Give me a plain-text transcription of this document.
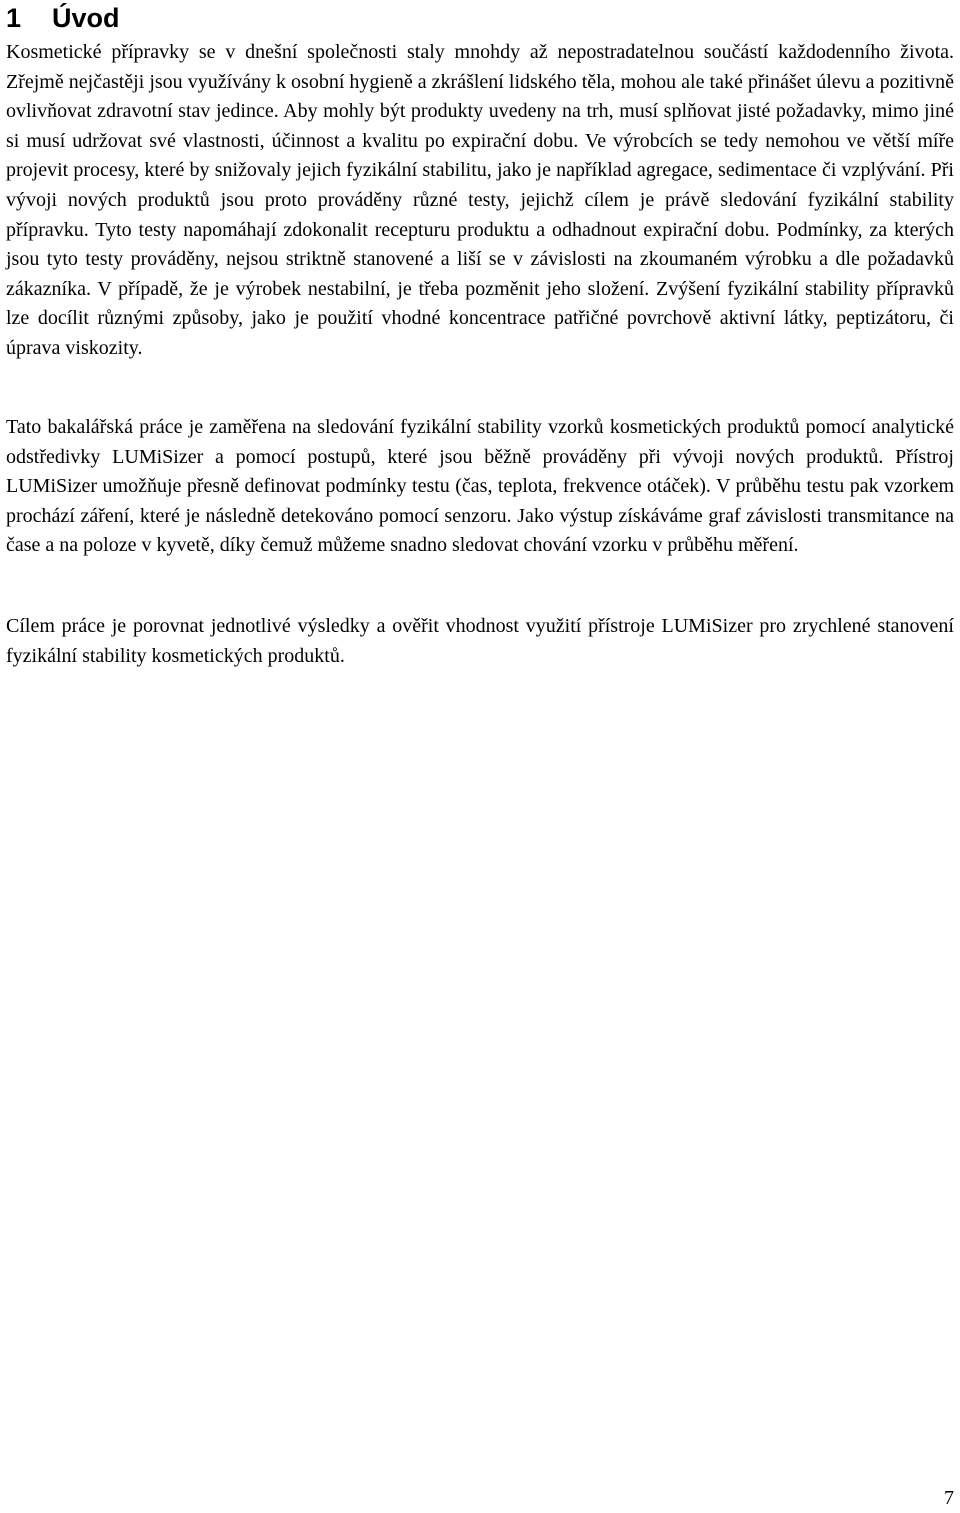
1 Úvod

Kosmetické přípravky se v dnešní společnosti staly mnohdy až nepostradatelnou součástí každodenního života. Zřejmě nejčastěji jsou využívány k osobní hygieně a zkrášlení lidského těla, mohou ale také přinášet úlevu a pozitivně ovlivňovat zdravotní stav jedince. Aby mohly být produkty uvedeny na trh, musí splňovat jisté požadavky, mimo jiné si musí udržovat své vlastnosti, účinnost a kvalitu po expirační dobu. Ve výrobcích se tedy nemohou ve větší míře projevit procesy, které by snižovaly jejich fyzikální stabilitu, jako je například agregace, sedimentace či vzplývání. Při vývoji nových produktů jsou proto prováděny různé testy, jejichž cílem je právě sledování fyzikální stability přípravku. Tyto testy napomáhají zdokonalit recepturu produktu a odhadnout expirační dobu. Podmínky, za kterých jsou tyto testy prováděny, nejsou striktně stanovené a liší se v závislosti na zkoumaném výrobku a dle požadavků zákazníka. V případě, že je výrobek nestabilní, je třeba pozměnit jeho složení. Zvýšení fyzikální stability přípravků lze docílit různými způsoby, jako je použití vhodné koncentrace patřičné povrchově aktivní látky, peptizátoru, či úprava viskozity.

Tato bakalářská práce je zaměřena na sledování fyzikální stability vzorků kosmetických produktů pomocí analytické odstředivky LUMiSizer a pomocí postupů, které jsou běžně prováděny při vývoji nových produktů. Přístroj LUMiSizer umožňuje přesně definovat podmínky testu (čas, teplota, frekvence otáček). V průběhu testu pak vzorkem prochází záření, které je následně detekováno pomocí senzoru. Jako výstup získáváme graf závislosti transmitance na čase a na poloze v kyvetě, díky čemuž můžeme snadno sledovat chování vzorku v průběhu měření.

Cílem práce je porovnat jednotlivé výsledky a ověřit vhodnost využití přístroje LUMiSizer pro zrychlené stanovení fyzikální stability kosmetických produktů.

7
